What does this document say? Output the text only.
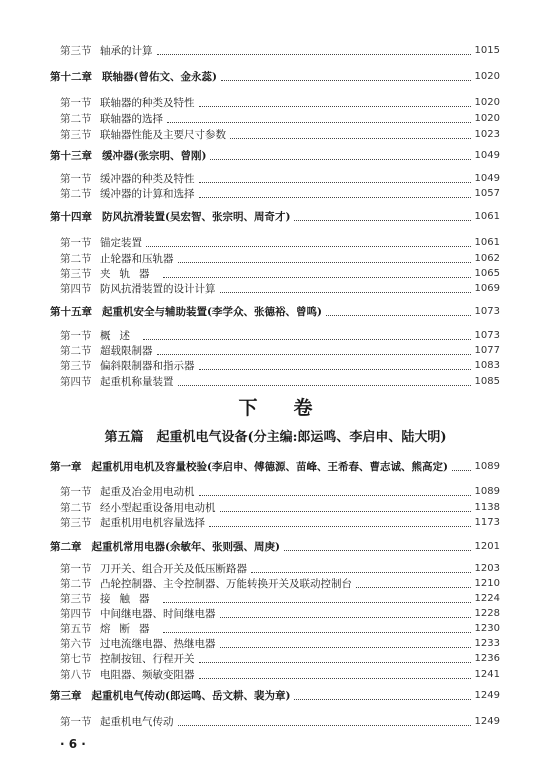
第三节 轴承的计算	1015
第十二章 联轴器(曾佑文、金永蕊)	1020
第一节 联轴器的种类及特性	1020
第二节 联轴器的选择	1020
第三节 联轴器性能及主要尺寸参数	1023
第十三章 缓冲器(张宗明、曾刚)	1049
第一节 缓冲器的种类及特性	1049
第二节 缓冲器的计算和选择	1057
第十四章 防风抗滑装置(吴宏智、张宗明、周奇才)	1061
第一节 锚定装置	1061
第二节 止轮器和压轨器	1062
第三节 夹轨器	1065
第四节 防风抗滑装置的设计计算	1069
第十五章 起重机安全与辅助装置(李学众、张德裕、曾鸣)	1073
第一节 概述	1073
第二节 超载限制器	1077
第三节 偏斜限制器和指示器	1083
第四节 起重机称量装置	1085
第一章 起重机用电机及容量校验(李启申、傅德源、苗峰、王希春、曹志诚、熊高定)	1089
第一节 起重及冶金用电动机	1089
第二节 经小型起重设备用电动机	1138
第三节 起重机用电机容量选择	1173
第二章 起重机常用电器(余敏年、张则强、周庚)	1201
第一节 刀开关、组合开关及低压断路器	1203
第二节 凸轮控制器、主令控制器、万能转换开关及联动控制台	1210
第三节 接触器	1224
第四节 中间继电器、时间继电器	1228
第五节 熔断器	1230
第六节 过电流继电器、热继电器	1233
第七节 控制按钮、行程开关	1236
第八节 电阻器、频敏变阻器	1241
第三章 起重机电气传动(郎运鸣、岳文耕、裴为章)	1249
第一节 起重机电气传动	1249
下 卷
第五篇　起重机电气设备(分主编:郎运鸣、李启申、陆大明)
· 6 ·
